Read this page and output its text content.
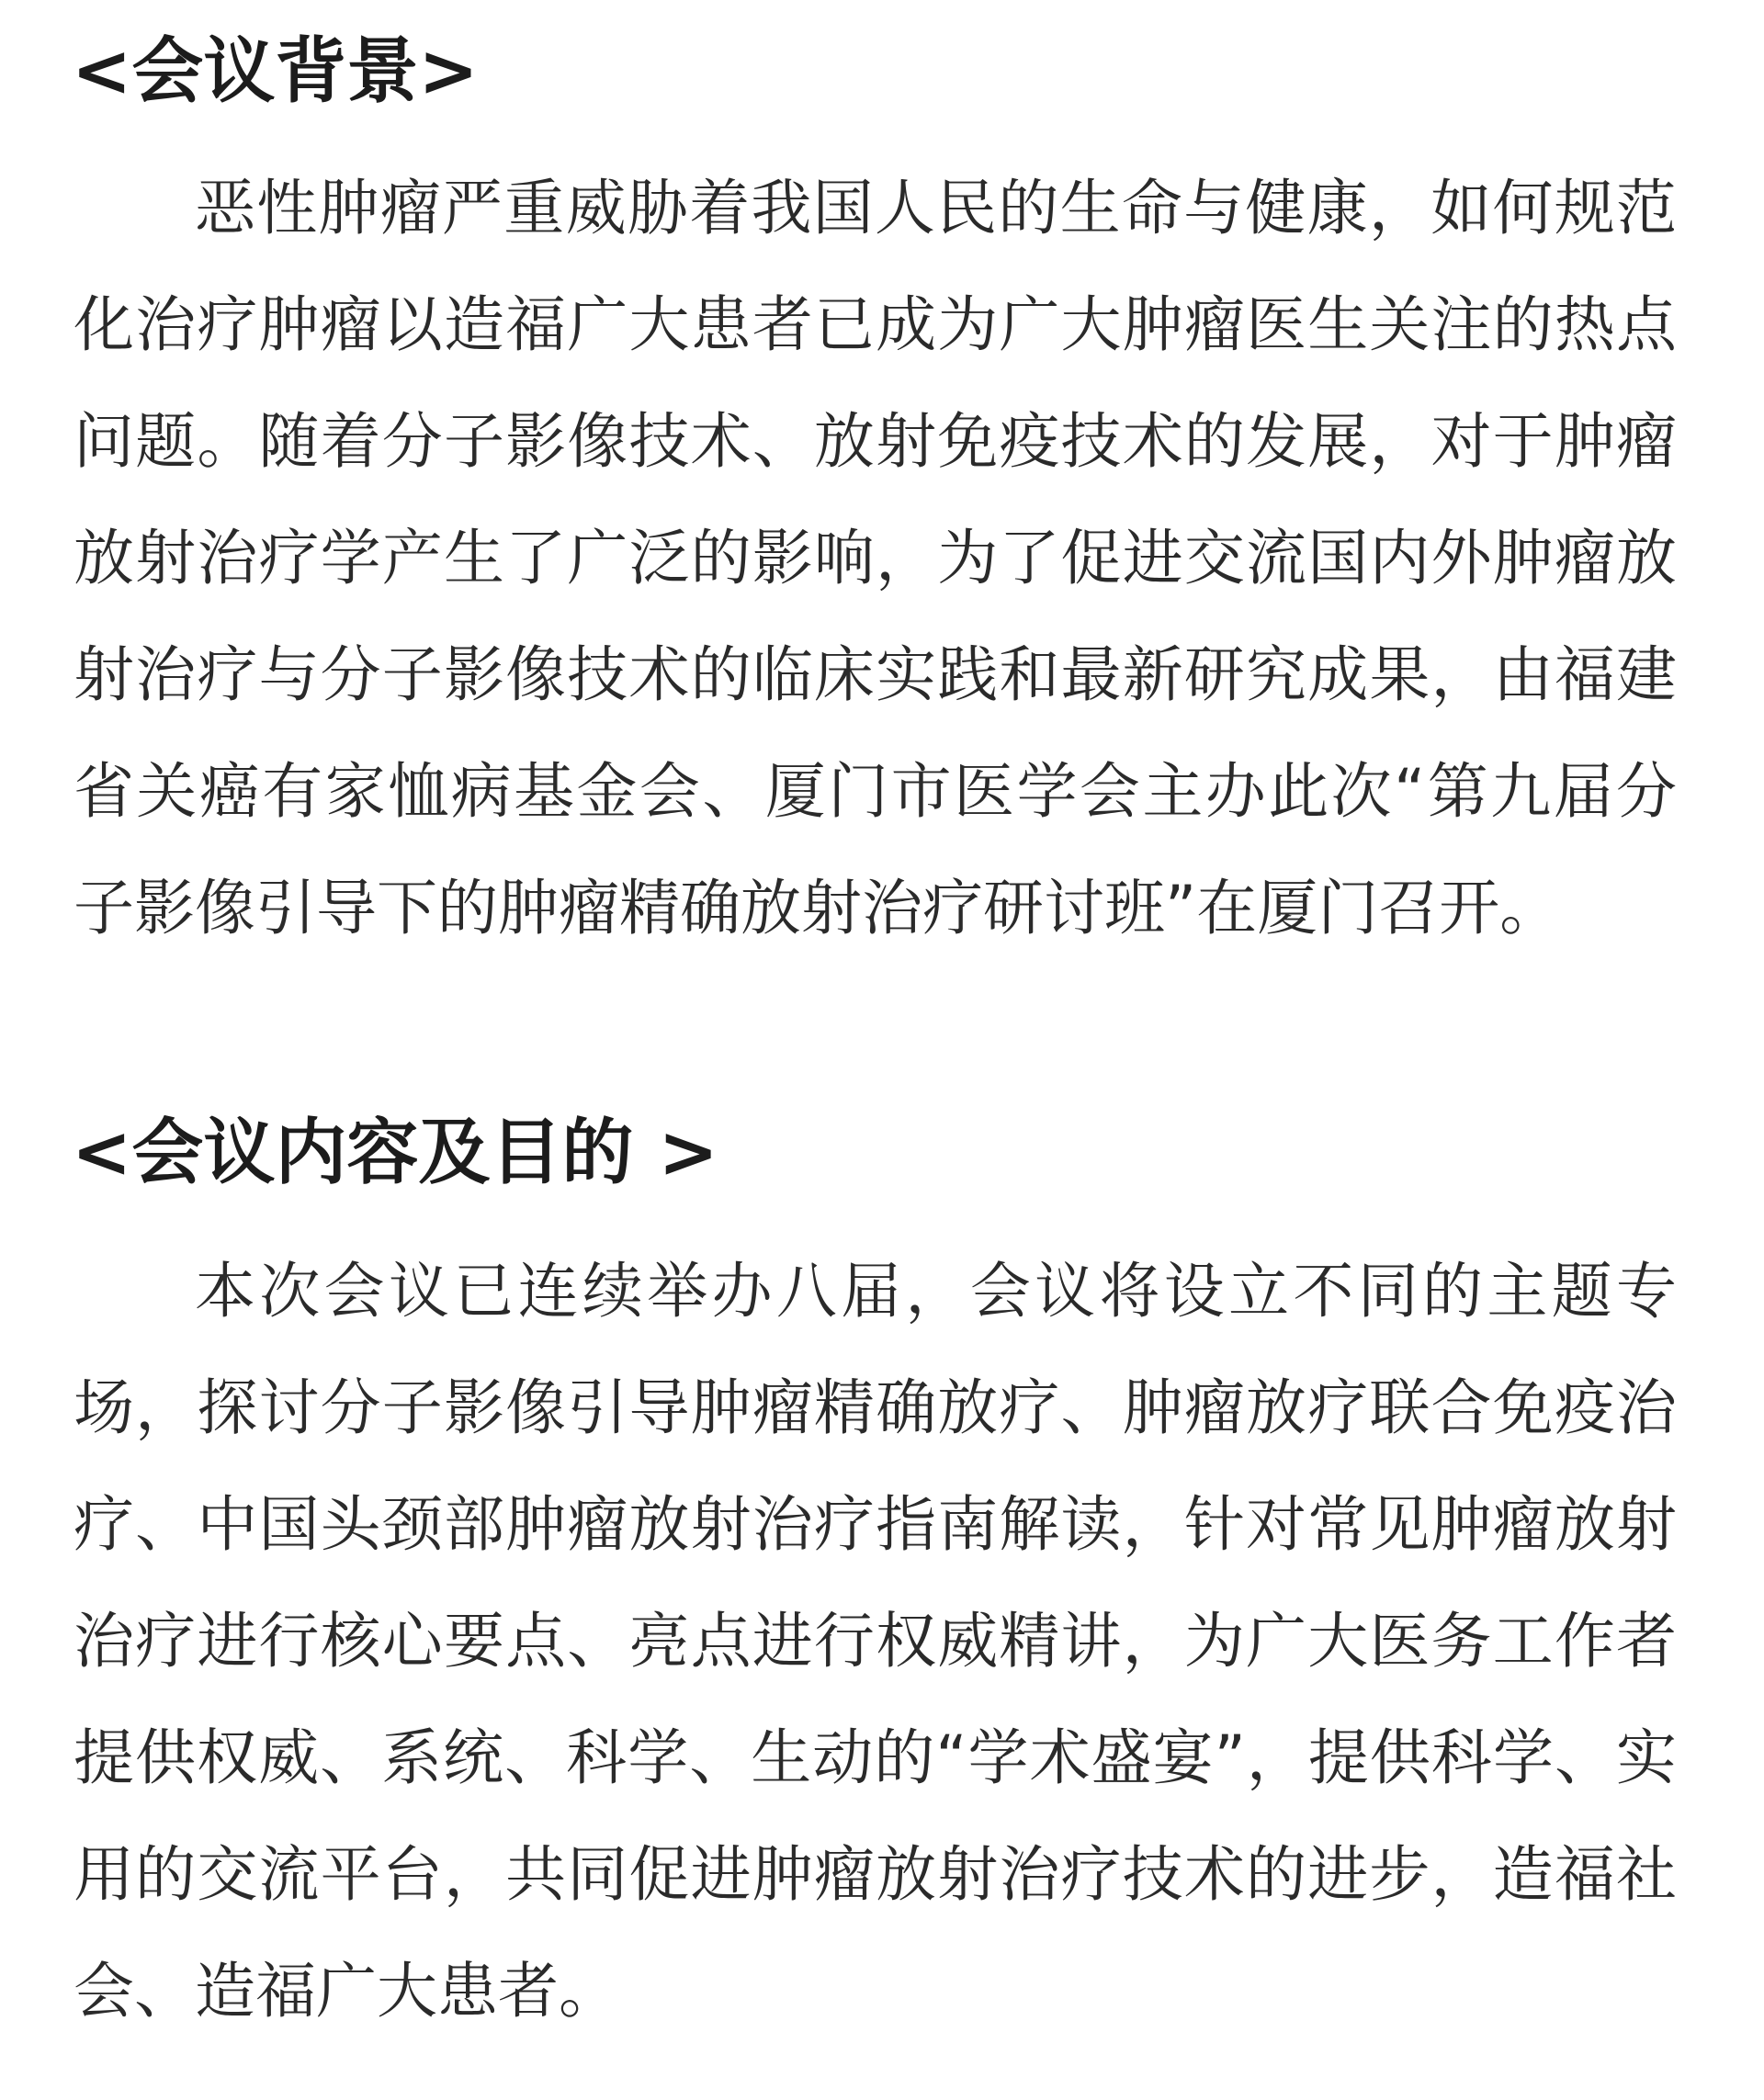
<会议背景>

恶性肿瘤严重威胁着我国人民的生命与健康，如何规范化治疗肿瘤以造福广大患者已成为广大肿瘤医生关注的热点问题。随着分子影像技术、放射免疫技术的发展，对于肿瘤放射治疗学产生了广泛的影响，为了促进交流国内外肿瘤放射治疗与分子影像技术的临床实践和最新研究成果，由福建省关癌有家恤病基金会、厦门市医学会主办此次“第九届分子影像引导下的肿瘤精确放射治疗研讨班”在厦门召开。

<会议内容及目的 >

本次会议已连续举办八届，会议将设立不同的主题专场，探讨分子影像引导肿瘤精确放疗、肿瘤放疗联合免疫治疗、中国头颈部肿瘤放射治疗指南解读，针对常见肿瘤放射治疗进行核心要点、亮点进行权威精讲，为广大医务工作者提供权威、系统、科学、生动的“学术盛宴”，提供科学、实用的交流平台，共同促进肿瘤放射治疗技术的进步，造福社会、造福广大患者。
